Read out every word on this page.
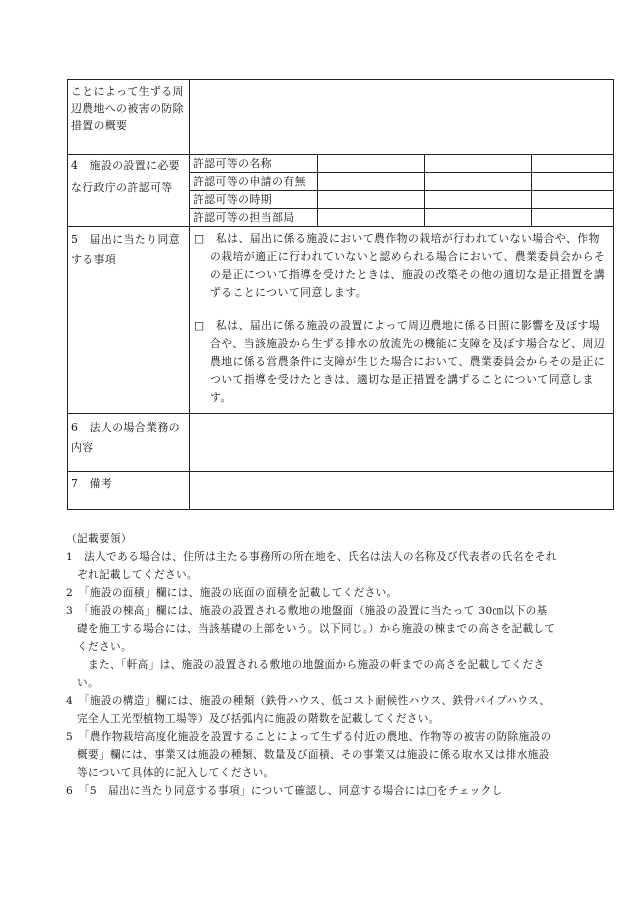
ことによって生ずる周辺農地への被害の防除措置の概要				
4　施設の設置に必要な行政庁の許認可等	許認可等の名称			
	許認可等の申請の有無			
	許認可等の時期			
	許認可等の担当部局			
5　届出に当たり同意する事項	□　 私は、届出に係る施設において農作物の栽培が行われていない場合や、作物の栽培が適正に行われていないと認められる場合において、農業委員会からその是正について指導を受けたときは、施設の改築その他の適切な是正措置を講ずることについて同意します。

□　 私は、届出に係る施設の設置によって周辺農地に係る日照に影響を及ぼす場合や、当該施設から生ずる排水の放流先の機能に支障を及ぼす場合など、周辺農地に係る営農条件に支障が生じた場合において、農業委員会からその是正について指導を受けたときは、適切な是正措置を講ずることについて同意します。			

6　法人の場合業務の内容				
7　備考				

（記載要領）

1　法人である場合は、住所は主たる事務所の所在地を、氏名は法人の名称及び代表者の氏名をそれぞれ記載してください。

2　「施設の面積」欄には、施設の底面の面積を記載してください。

3　「施設の棟高」欄には、施設の設置される敷地の地盤面（施設の設置に当たって 30㎝以下の基礎を施工する場合には、当該基礎の上部をいう。以下同じ。）から施設の棟までの高さを記載してください。

また、「軒高」は、施設の設置される敷地の地盤面から施設の軒までの高さを記載してください。

4　「施設の構造」欄には、施設の種類（鉄骨ハウス、低コスト耐候性ハウス、鉄骨パイプハウス、完全人工光型植物工場等）及び括弧内に施設の階数を記載してください。

5　「農作物栽培高度化施設を設置することによって生ずる付近の農地、作物等の被害の防除施設の概要」欄には、事業又は施設の種類、数量及び面積、その事業又は施設に係る取水又は排水施設等について具体的に記入してください。

6　「5　届出に当たり同意する事項」について確認し、同意する場合には□をチェックし
